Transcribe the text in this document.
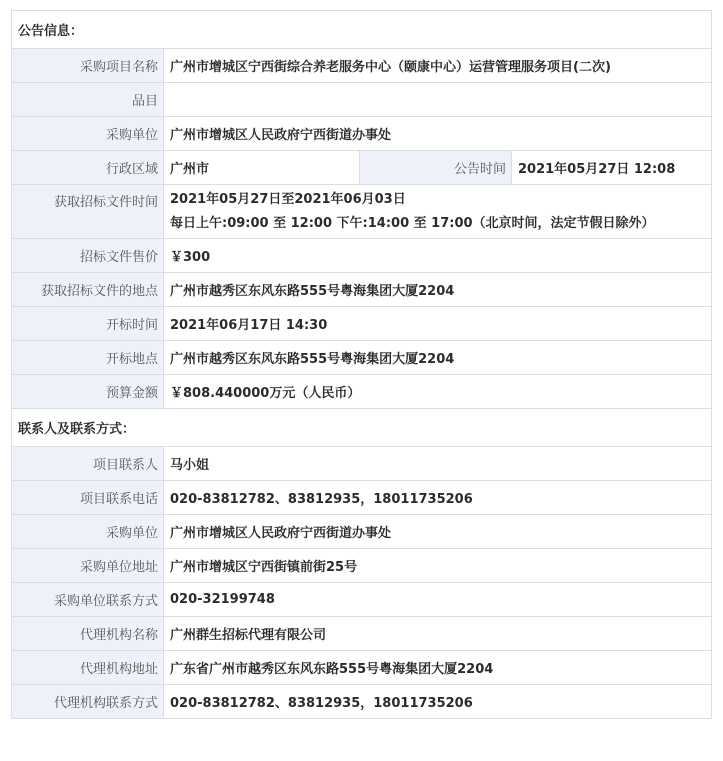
公告信息：			
采购项目名称	广州市增城区宁西街综合养老服务中心（颐康中心）运营管理服务项目(二次)		
品目			
采购单位	广州市增城区人民政府宁西街道办事处		
行政区域	广州市	公告时间	2021年05月27日 12:08
获取招标文件时间	2021年05月27日至2021年06月03日
每日上午:09:00 至 12:00 下午:14:00 至 17:00（北京时间，法定节假日除外）		

招标文件售价	￥300		
获取招标文件的地点	广州市越秀区东风东路555号粤海集团大厦2204		
开标时间	2021年06月17日 14:30		
开标地点	广州市越秀区东风东路555号粤海集团大厦2204		
预算金额	￥808.440000万元（人民币）		
联系人及联系方式：			
项目联系人	马小姐		
项目联系电话	020-83812782、83812935，18011735206		
采购单位	广州市增城区人民政府宁西街道办事处		
采购单位地址	广州市增城区宁西街镇前街25号		
采购单位联系方式	020-32199748		
代理机构名称	广州群生招标代理有限公司		
代理机构地址	广东省广州市越秀区东风东路555号粤海集团大厦2204		
代理机构联系方式	020-83812782、83812935，18011735206		
